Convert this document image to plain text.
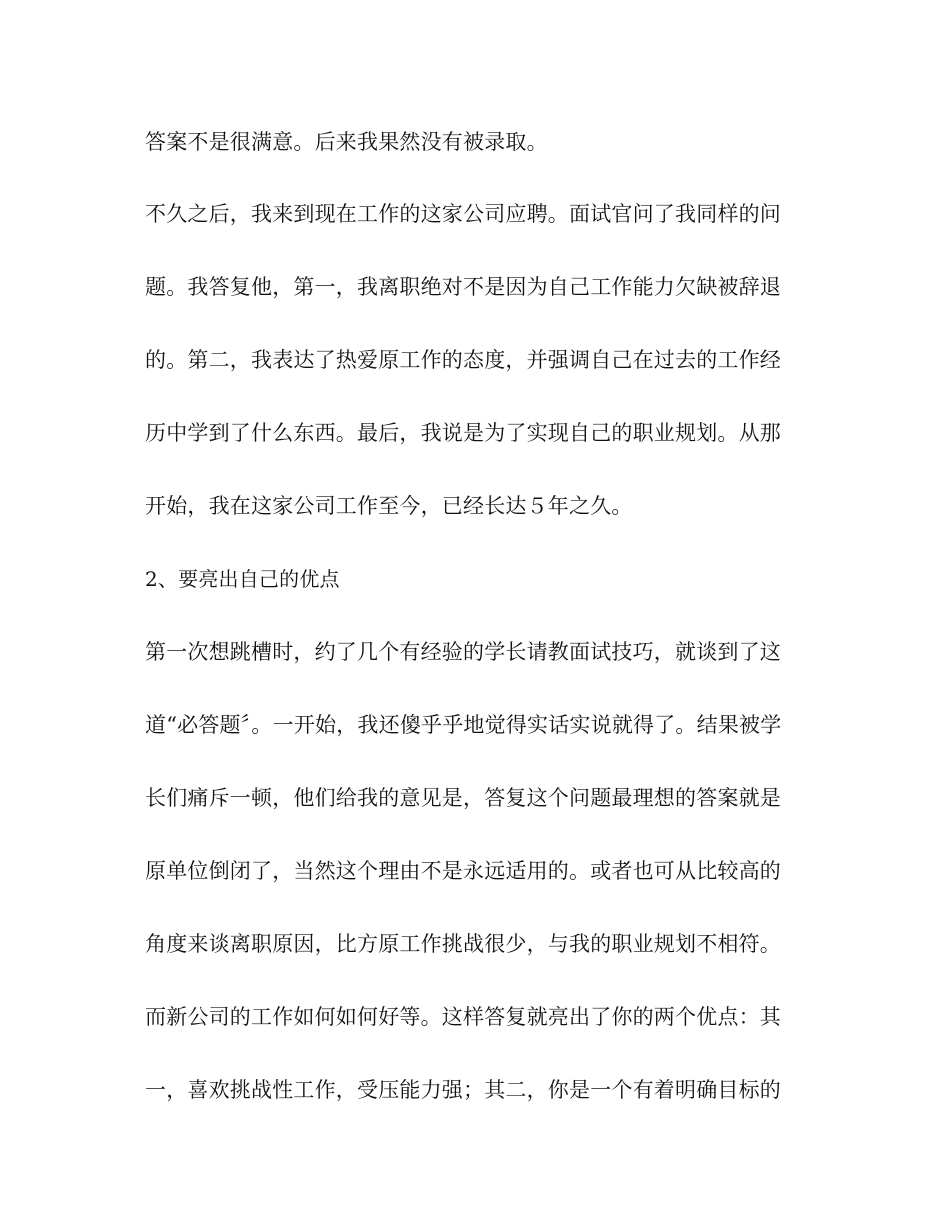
答案不是很满意。后来我果然没有被录取。
不久之后，我来到现在工作的这家公司应聘。面试官问了我同样的问
题。我答复他，第一，我离职绝对不是因为自己工作能力欠缺被辞退
的。第二，我表达了热爱原工作的态度，并强调自己在过去的工作经
历中学到了什么东西。最后，我说是为了实现自己的职业规划。从那
开始，我在这家公司工作至今，已经长达５年之久。
2、要亮出自己的优点
第一次想跳槽时，约了几个有经验的学长请教面试技巧，就谈到了这
道“必答题〞。一开始，我还傻乎乎地觉得实话实说就得了。结果被学
长们痛斥一顿，他们给我的意见是，答复这个问题最理想的答案就是
原单位倒闭了，当然这个理由不是永远适用的。或者也可从比较高的
角度来谈离职原因，比方原工作挑战很少，与我的职业规划不相符。
而新公司的工作如何如何好等。这样答复就亮出了你的两个优点：其
一，喜欢挑战性工作，受压能力强；其二，你是一个有着明确目标的
